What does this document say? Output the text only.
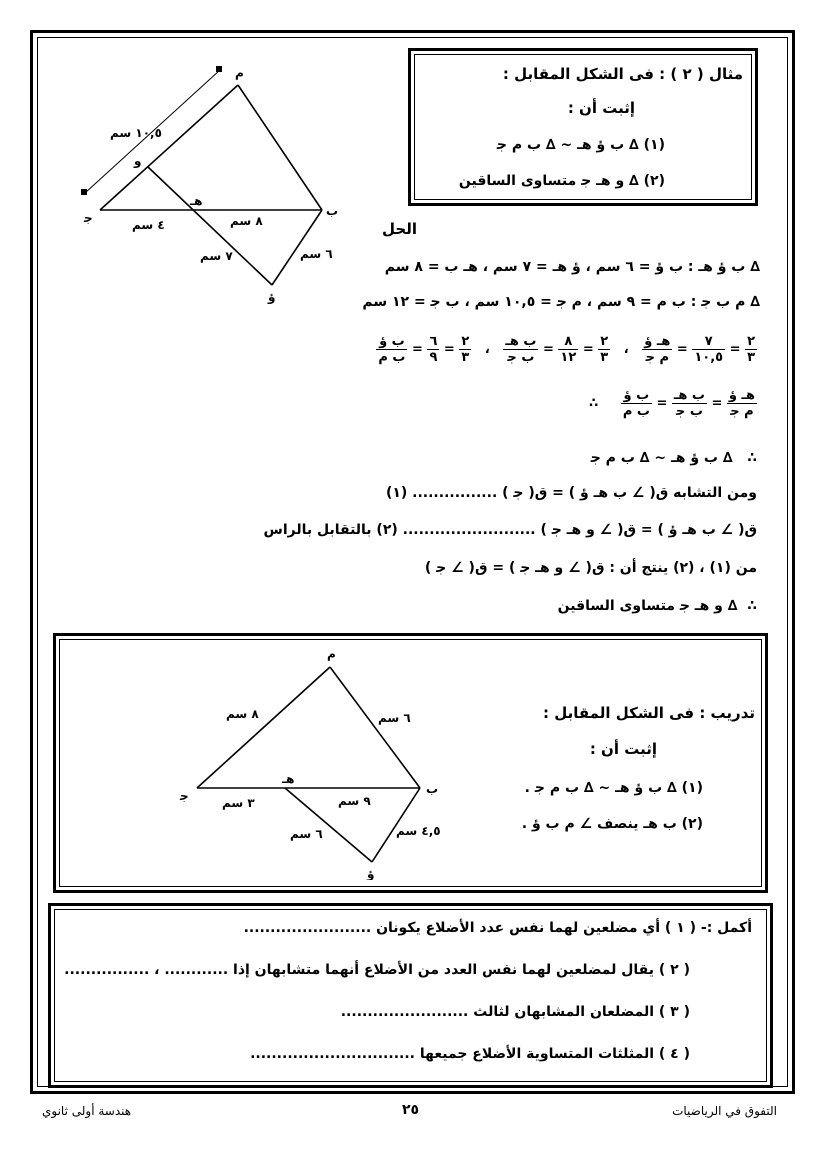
مثال ( ٢ ) : فى الشكل المقابل :
إثبت أن :
(١) ∆ ب ؤ هـ ~ ∆ ب ﻡ ﺟ
(٢) ∆ و هـ ﺟ متساوى الساقين
ﻡ
ب
ﺟ
ؤ
هـ
و
١٠,٥ سم
٤ سم	٨ سم
٧ سم	٦ سم
الحل
∆ ب ؤ هـ : ب ؤ = ٦ سم ، ؤ هـ = ٧ سم ، هـ ب = ٨ سم
∆ ﻡ ب ﺟ : ب ﻡ = ٩ سم ، ﻡ ﺟ = ١٠,٥ سم ، ب ﺟ = ١٢ سم
$\frac{\text{ب ؤ}}{\text{ب ﻡ}} = \frac{٦}{٩} = \frac{٢}{٣}$ ، $\frac{\text{ب هـ}}{\text{ب ﺟ}} = \frac{٨}{١٢} = \frac{٢}{٣}$ ، $\frac{\text{هـ ؤ}}{\text{ﻡ ﺟ}} = \frac{٧}{١٠,٥} = \frac{٢}{٣}$
∴ $\frac{\text{ب ؤ}}{\text{ب ﻡ}} = \frac{\text{ب هـ}}{\text{ب ﺟ}} = \frac{\text{هـ ؤ}}{\text{ﻡ ﺟ}}$
∴   ∆ ب ؤ هـ ~ ∆ ب ﻡ ﺟ
ومن التشابه ق( ∠ ب هـ ؤ ) = ق( ﺟ ) ................ (١)
ق( ∠ ب هـ ؤ ) = ق( ∠ و هـ ﺟ ) ......................... (٢) بالتقابل بالراس
من (١) ، (٢) ينتج أن : ق( ∠ و هـ ﺟ ) = ق( ∠ ﺟ )
∴  ∆ و هـ ﺟ متساوى الساقين
تدريب : فى الشكل المقابل :
إثبت أن :
(١) ∆ ب ؤ هـ ~ ∆ ب ﻡ ﺟ .
(٢) ب هـ ينصف ∠ ﻡ ب ؤ .
ﻡ
ب
ﺟ
ؤ
هـ
٨ سم	٦ سم
٣ سم	٩ سم
٦ سم	٤,٥ سم
أكمل :- ( ١ ) أي مضلعين لهما نفس عدد الأضلاع يكونان ........................
( ٢ ) يقال لمضلعين لهما نفس العدد من الأضلاع أنهما متشابهان إذا ............ ، ................
( ٣ ) المضلعان المشابهان لثالث ........................
( ٤ ) المثلثات المتساوية الأضلاع جميعها ...............................
التفوق في الرياضيات
٢٥
هندسة أولى ثانوي
